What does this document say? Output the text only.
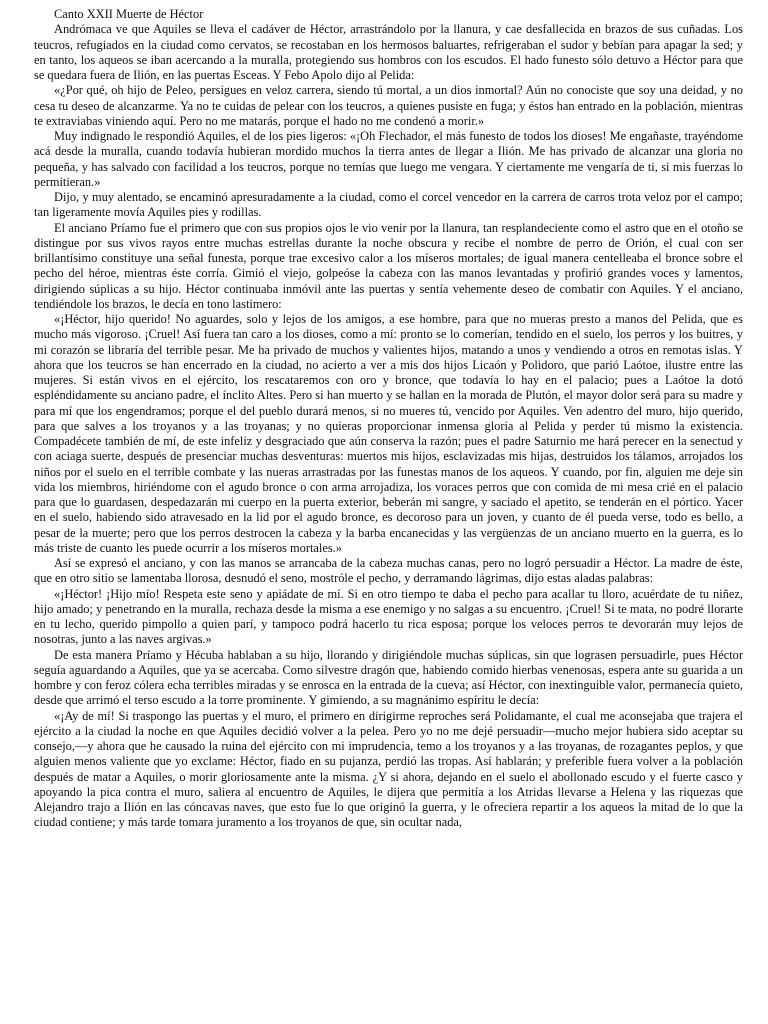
Canto XXII Muerte de Héctor

Andrómaca ve que Aquiles se lleva el cadáver de Héctor, arrastrándolo por la llanura, y cae desfallecida en brazos de sus cuñadas. Los teucros, refugiados en la ciudad como cervatos, se recostaban en los hermosos baluartes, refrigeraban el sudor y bebían para apagar la sed; y en tanto, los aqueos se iban acercando a la muralla, protegiendo sus hombros con los escudos. El hado funesto sólo detuvo a Héctor para que se quedara fuera de Ilión, en las puertas Esceas. Y Febo Apolo dijo al Pelida:

«¿Por qué, oh hijo de Peleo, persigues en veloz carrera, siendo tú mortal, a un dios inmortal? Aún no conociste que soy una deidad, y no cesa tu deseo de alcanzarme. Ya no te cuidas de pelear con los teucros, a quienes pusiste en fuga; y éstos han entrado en la población, mientras te extraviabas viniendo aquí. Pero no me matarás, porque el hado no me condenó a morir.»

Muy indignado le respondió Aquiles, el de los pies ligeros: «¡Oh Flechador, el más funesto de todos los dioses! Me engañaste, trayéndome acá desde la muralla, cuando todavía hubieran mordido muchos la tierra antes de llegar a Ilión. Me has privado de alcanzar una gloria no pequeña, y has salvado con facilidad a los teucros, porque no temías que luego me vengara. Y ciertamente me vengaría de ti, si mis fuerzas lo permitieran.»

Dijo, y muy alentado, se encaminó apresuradamente a la ciudad, como el corcel vencedor en la carrera de carros trota veloz por el campo; tan ligeramente movía Aquiles pies y rodillas.

El anciano Príamo fue el primero que con sus propios ojos le vio venir por la llanura, tan resplandeciente como el astro que en el otoño se distingue por sus vivos rayos entre muchas estrellas durante la noche obscura y recibe el nombre de perro de Orión, el cual con ser brillantísimo constituye una señal funesta, porque trae excesivo calor a los míseros mortales; de igual manera centelleaba el bronce sobre el pecho del héroe, mientras éste corría. Gimió el viejo, golpeóse la cabeza con las manos levantadas y profirió grandes voces y lamentos, dirigiendo súplicas a su hijo. Héctor continuaba inmóvil ante las puertas y sentía vehemente deseo de combatir con Aquiles. Y el anciano, tendiéndole los brazos, le decía en tono lastimero:

«¡Héctor, hijo querido! No aguardes, solo y lejos de los amigos, a ese hombre, para que no mueras presto a manos del Pelida, que es mucho más vigoroso. ¡Cruel! Así fuera tan caro a los dioses, como a mí: pronto se lo comerían, tendido en el suelo, los perros y los buitres, y mi corazón se libraría del terrible pesar. Me ha privado de muchos y valientes hijos, matando a unos y vendiendo a otros en remotas islas. Y ahora que los teucros se han encerrado en la ciudad, no acierto a ver a mis dos hijos Licaón y Polidoro, que parió Laótoe, ilustre entre las mujeres. Si están vivos en el ejército, los rescataremos con oro y bronce, que todavía lo hay en el palacio; pues a Laótoe la dotó espléndidamente su anciano padre, el ínclito Altes. Pero si han muerto y se hallan en la morada de Plutón, el mayor dolor será para su madre y para mí que los engendramos; porque el del pueblo durará menos, si no mueres tú, vencido por Aquiles. Ven adentro del muro, hijo querido, para que salves a los troyanos y a las troyanas; y no quieras proporcionar inmensa gloria al Pelida y perder tú mismo la existencia. Compadécete también de mí, de este infeliz y desgraciado que aún conserva la razón; pues el padre Saturnio me hará perecer en la senectud y con aciaga suerte, después de presenciar muchas desventuras: muertos mis hijos, esclavizadas mis hijas, destruidos los tálamos, arrojados los niños por el suelo en el terrible combate y las nueras arrastradas por las funestas manos de los aqueos. Y cuando, por fin, alguien me deje sin vida los miembros, hiriéndome con el agudo bronce o con arma arrojadiza, los voraces perros que con comida de mi mesa crié en el palacio para que lo guardasen, despedazarán mi cuerpo en la puerta exterior, beberán mi sangre, y saciado el apetito, se tenderán en el pórtico. Yacer en el suelo, habiendo sido atravesado en la lid por el agudo bronce, es decoroso para un joven, y cuanto de él pueda verse, todo es bello, a pesar de la muerte; pero que los perros destrocen la cabeza y la barba encanecidas y las vergüenzas de un anciano muerto en la guerra, es lo más triste de cuanto les puede ocurrir a los míseros mortales.»

Así se expresó el anciano, y con las manos se arrancaba de la cabeza muchas canas, pero no logró persuadir a Héctor. La madre de éste, que en otro sitio se lamentaba llorosa, desnudó el seno, mostróle el pecho, y derramando lágrimas, dijo estas aladas palabras:

«¡Héctor! ¡Hijo mío! Respeta este seno y apiádate de mí. Si en otro tiempo te daba el pecho para acallar tu lloro, acuérdate de tu niñez, hijo amado; y penetrando en la muralla, rechaza desde la misma a ese enemigo y no salgas a su encuentro. ¡Cruel! Si te mata, no podré llorarte en tu lecho, querido pimpollo a quien parí, y tampoco podrá hacerlo tu rica esposa; porque los veloces perros te devorarán muy lejos de nosotras, junto a las naves argivas.»

De esta manera Príamo y Hécuba hablaban a su hijo, llorando y dirigiéndole muchas súplicas, sin que lograsen persuadirle, pues Héctor seguía aguardando a Aquiles, que ya se acercaba. Como silvestre dragón que, habiendo comido hierbas venenosas, espera ante su guarida a un hombre y con feroz cólera echa terribles miradas y se enrosca en la entrada de la cueva; así Héctor, con inextinguible valor, permanecía quieto, desde que arrimó el terso escudo a la torre prominente. Y gimiendo, a su magnánimo espíritu le decía:

«¡Ay de mí! Si traspongo las puertas y el muro, el primero en dirigirme reproches será Polidamante, el cual me aconsejaba que trajera el ejército a la ciudad la noche en que Aquiles decidió volver a la pelea. Pero yo no me dejé persuadir—mucho mejor hubiera sido aceptar su consejo,—y ahora que he causado la ruina del ejército con mi imprudencia, temo a los troyanos y a las troyanas, de rozagantes peplos, y que alguien menos valiente que yo exclame: Héctor, fiado en su pujanza, perdió las tropas. Así hablarán; y preferible fuera volver a la población después de matar a Aquiles, o morir gloriosamente ante la misma. ¿Y si ahora, dejando en el suelo el abollonado escudo y el fuerte casco y apoyando la pica contra el muro, saliera al encuentro de Aquiles, le dijera que permitía a los Atridas llevarse a Helena y las riquezas que Alejandro trajo a Ilión en las cóncavas naves, que esto fue lo que originó la guerra, y le ofreciera repartir a los aqueos la mitad de lo que la ciudad contiene; y más tarde tomara juramento a los troyanos de que, sin ocultar nada,
